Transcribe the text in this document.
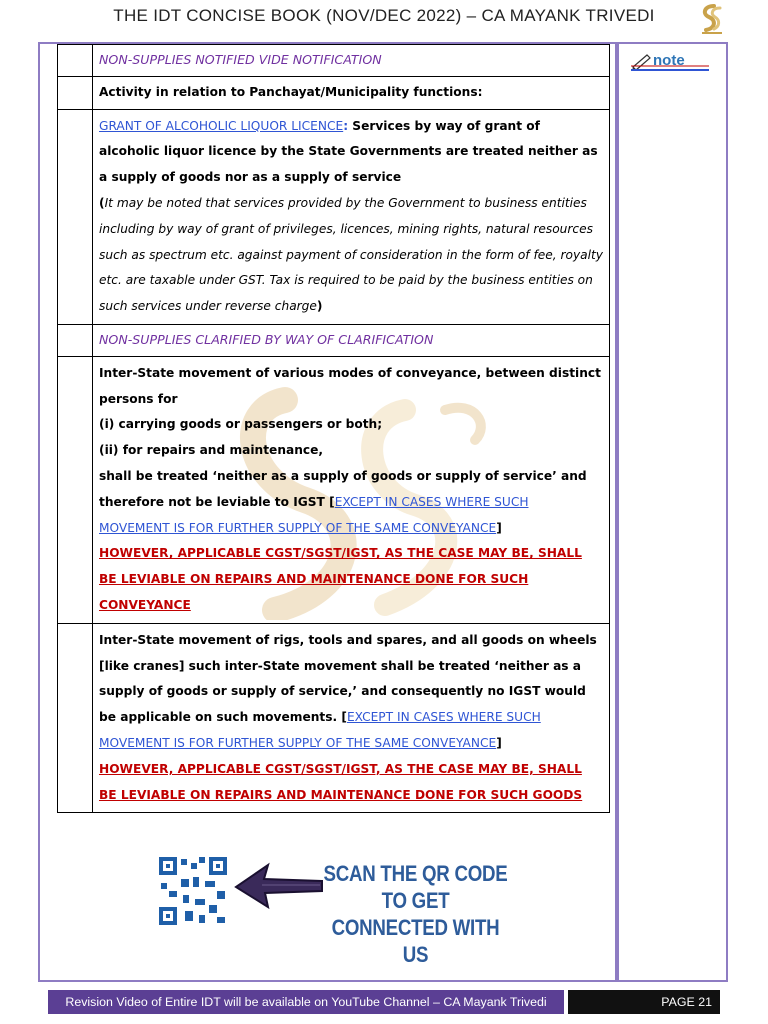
THE IDT CONCISE BOOK (NOV/DEC 2022) – CA MAYANK TRIVEDI
note
	NON-SUPPLIES NOTIFIED VIDE NOTIFICATION
	Activity in relation to Panchayat/Municipality functions:
	GRANT OF ALCOHOLIC LIQUOR LICENCE: Services by way of grant of alcoholic liquor licence by the State Governments are treated neither as a supply of goods nor as a supply of service
(It may be noted that services provided by the Government to business entities including by way of grant of privileges, licences, mining rights, natural resources such as spectrum etc. against payment of consideration in the form of fee, royalty etc. are taxable under GST. Tax is required to be paid by the business entities on such services under reverse charge)
	NON-SUPPLIES CLARIFIED BY WAY OF CLARIFICATION
	Inter-State movement of various modes of conveyance, between distinct persons for
(i) carrying goods or passengers or both;
(ii) for repairs and maintenance,
shall be treated ‘neither as a supply of goods or supply of service’ and therefore not be leviable to IGST [EXCEPT IN CASES WHERE SUCH MOVEMENT IS FOR FURTHER SUPPLY OF THE SAME CONVEYANCE]
HOWEVER, APPLICABLE CGST/SGST/IGST, AS THE CASE MAY BE, SHALL BE LEVIABLE ON REPAIRS AND MAINTENANCE DONE FOR SUCH CONVEYANCE
	Inter-State movement of rigs, tools and spares, and all goods on wheels [like cranes] such inter-State movement shall be treated ‘neither as a supply of goods or supply of service,’ and consequently no IGST would be applicable on such movements. [EXCEPT IN CASES WHERE SUCH MOVEMENT IS FOR FURTHER SUPPLY OF THE SAME CONVEYANCE]
HOWEVER, APPLICABLE CGST/SGST/IGST, AS THE CASE MAY BE, SHALL BE LEVIABLE ON REPAIRS AND MAINTENANCE DONE FOR SUCH GOODS
SCAN THE QR CODE TO GET
CONNECTED WITH US
Revision Video of Entire IDT will be available on YouTube Channel – CA Mayank Trivedi	PAGE 21
